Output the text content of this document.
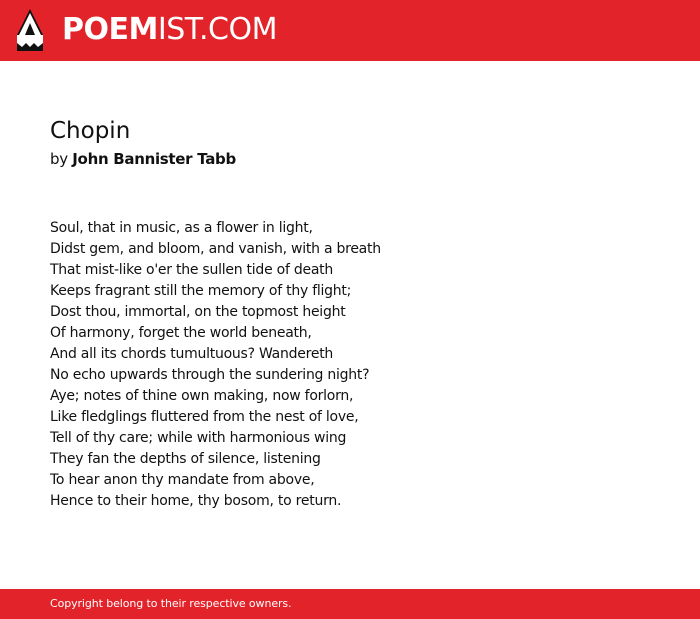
POEMIST.COM
Chopin
by John Bannister Tabb
Soul, that in music, as a flower in light,
Didst gem, and bloom, and vanish, with a breath
That mist-like o'er the sullen tide of death
Keeps fragrant still the memory of thy flight;
Dost thou, immortal, on the topmost height
Of harmony, forget the world beneath,
And all its chords tumultuous? Wandereth
No echo upwards through the sundering night?
Aye; notes of thine own making, now forlorn,
Like fledglings fluttered from the nest of love,
Tell of thy care; while with harmonious wing
They fan the depths of silence, listening
To hear anon thy mandate from above,
Hence to their home, thy bosom, to return.
Copyright belong to their respective owners.
